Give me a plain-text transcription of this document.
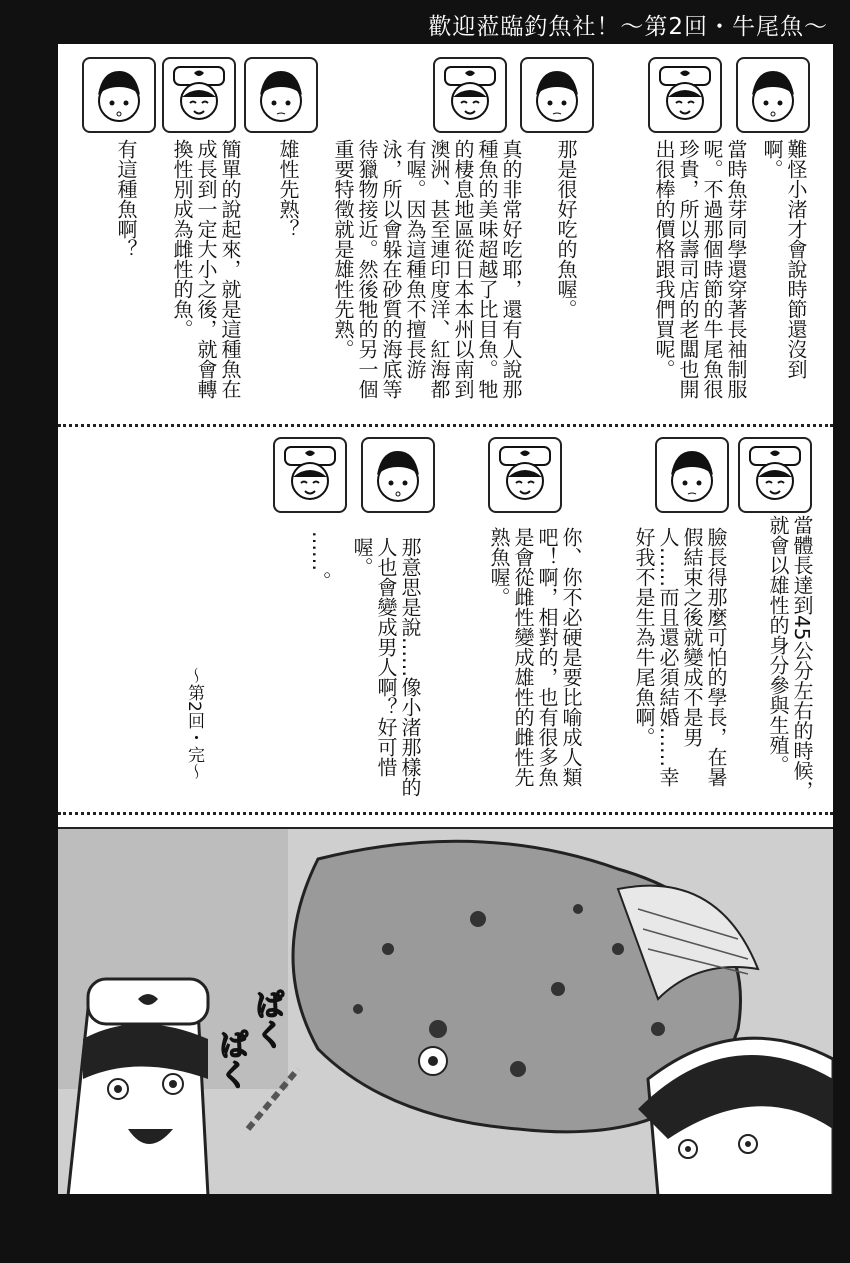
歡迎蒞臨釣魚社！～第2回・牛尾魚～
難怪小渚才會說時節還沒到啊。
當時魚芽同學還穿著長袖制服呢。不過那個時節的牛尾魚很珍貴，所以壽司店的老闆也開出很棒的價格跟我們買呢。
那是很好吃的魚喔。
真的非常好吃耶，還有人說那種魚的美味超越了比目魚。牠的棲息地區從日本本州以南到澳洲、甚至連印度洋、紅海都有喔。因為這種魚不擅長游泳，所以會躲在砂質的海底等待獵物接近。然後牠的另一個重要特徵就是雄性先熟。
雄性先熟？
簡單的說起來，就是這種魚在成長到一定大小之後，就會轉換性別成為雌性的魚。
有這種魚啊？
當體長達到45公分左右的時候，就會以雄性的身分參與生殖。
臉長得那麼可怕的學長，在暑假結束之後就變成不是男人……而且還必須結婚……幸好我不是生為牛尾魚啊。
你、你不必硬是要比喻成人類吧！啊，相對的，也有很多魚是會從雌性變成雄性的雌性先熟魚喔。
那意思是說……像小渚那樣的人也會變成男人啊？好可惜喔。
……。
～第2回・完～
ぱく
ぱく
